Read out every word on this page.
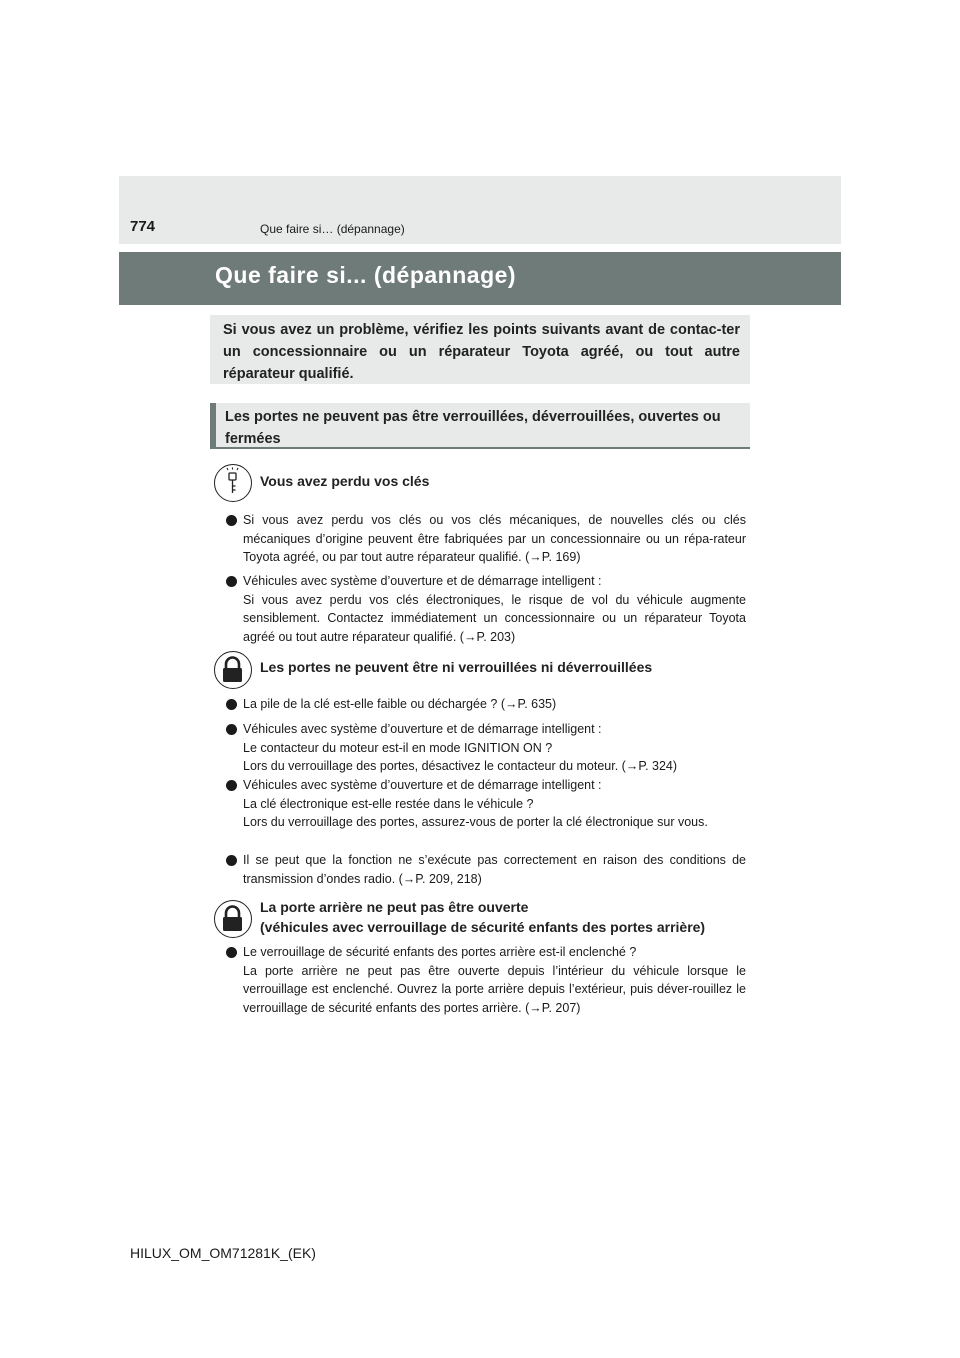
774	Que faire si… (dépannage)
Que faire si... (dépannage)

Si vous avez un problème, vérifiez les points suivants avant de contac-ter un concessionnaire ou un réparateur Toyota agréé, ou tout autre réparateur qualifié.

Les portes ne peuvent pas être verrouillées, déverrouillées, ouvertes ou fermées

Vous avez perdu vos clés
Si vous avez perdu vos clés ou vos clés mécaniques, de nouvelles clés ou clés mécaniques d’origine peuvent être fabriquées par un concessionnaire ou un répa-rateur Toyota agréé, ou par tout autre réparateur qualifié. (→P. 169)
Véhicules avec système d’ouverture et de démarrage intelligent :
Si vous avez perdu vos clés électroniques, le risque de vol du véhicule augmente sensiblement. Contactez immédiatement un concessionnaire ou un réparateur Toyota agréé ou tout autre réparateur qualifié. (→P. 203)
Les portes ne peuvent être ni verrouillées ni déverrouillées
La pile de la clé est-elle faible ou déchargée ? (→P. 635)
Véhicules avec système d’ouverture et de démarrage intelligent :
Le contacteur du moteur est-il en mode IGNITION ON ?
Lors du verrouillage des portes, désactivez le contacteur du moteur. (→P. 324)
Véhicules avec système d’ouverture et de démarrage intelligent :
La clé électronique est-elle restée dans le véhicule ?
Lors du verrouillage des portes, assurez-vous de porter la clé électronique sur vous.
Il se peut que la fonction ne s’exécute pas correctement en raison des conditions de transmission d’ondes radio. (→P. 209, 218)
La porte arrière ne peut pas être ouverte
(véhicules avec verrouillage de sécurité enfants des portes arrière)
Le verrouillage de sécurité enfants des portes arrière est-il enclenché ?
La porte arrière ne peut pas être ouverte depuis l’intérieur du véhicule lorsque le verrouillage est enclenché. Ouvrez la porte arrière depuis l’extérieur, puis déver-rouillez le verrouillage de sécurité enfants des portes arrière. (→P. 207)
HILUX_OM_OM71281K_(EK)
